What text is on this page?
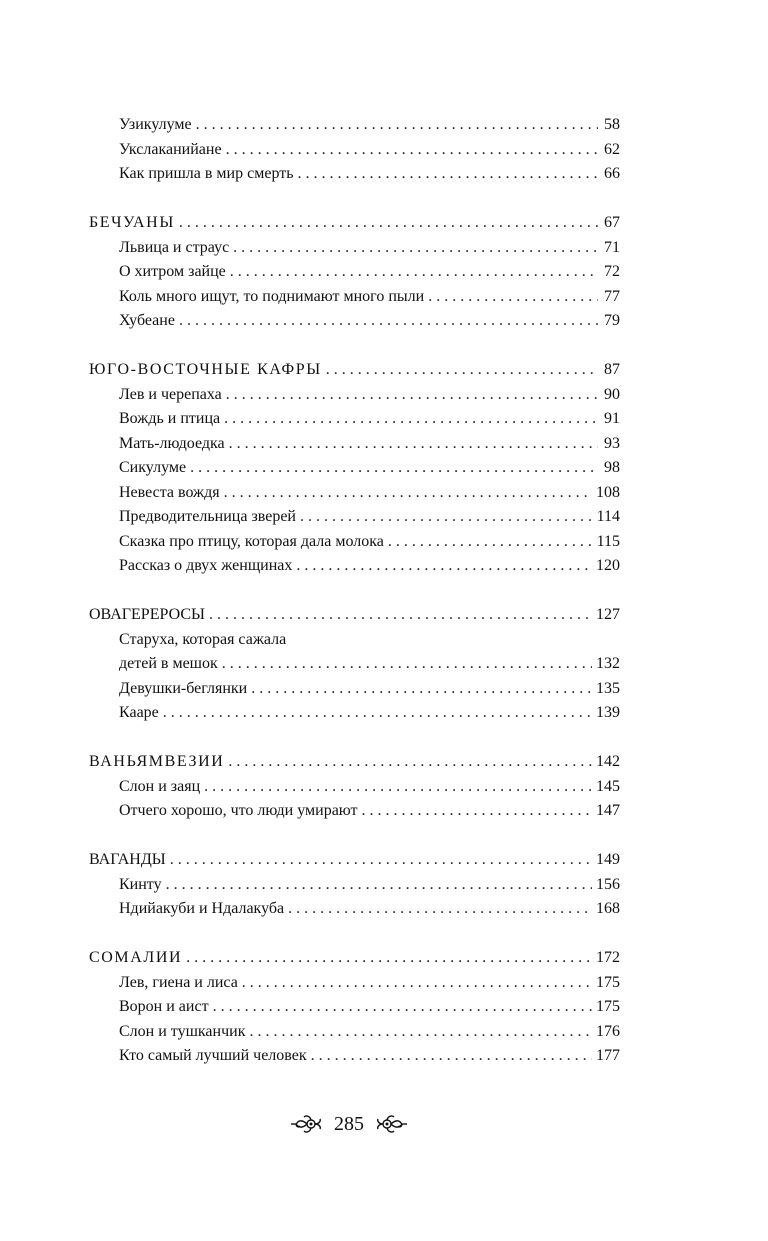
Узикулуме . . .	58
Укслаканийане . . .	62
Как пришла в мир смерть . . .	66
БЕЧУАНЫ . . .	67
Львица и страус . . .	71
О хитром зайце . . .	72
Коль много ищут, то поднимают много пыли . . .	77
Хубеане . . .	79
ЮГО-ВОСТОЧНЫЕ КАФРЫ . . .	87
Лев и черепаха . . .	90
Вождь и птица . . .	91
Мать-людоедка . . .	93
Сикулуме . . .	98
Невеста вождя . . .	108
Предводительница зверей . . .	114
Сказка про птицу, которая дала молока . . .	115
Рассказ о двух женщинах . . .	120
ОВАГЕРЕРОСЫ . . .	127
Старуха, которая сажала
детей в мешок . . .	132
Девушки-беглянки . . .	135
Кааре . . .	139
ВАНЬЯМВЕЗИИ . . .	142
Слон и заяц . . .	145
Отчего хорошо, что люди умирают . . .	147
ВАГАНДЫ . . .	149
Кинту . . .	156
Ндийакуби и Ндалакуба . . .	168
СОМАЛИИ . . .	172
Лев, гиена и лиса . . .	175
Ворон и аист . . .	175
Слон и тушканчик . . .	176
Кто самый лучший человек . . .	177
285
